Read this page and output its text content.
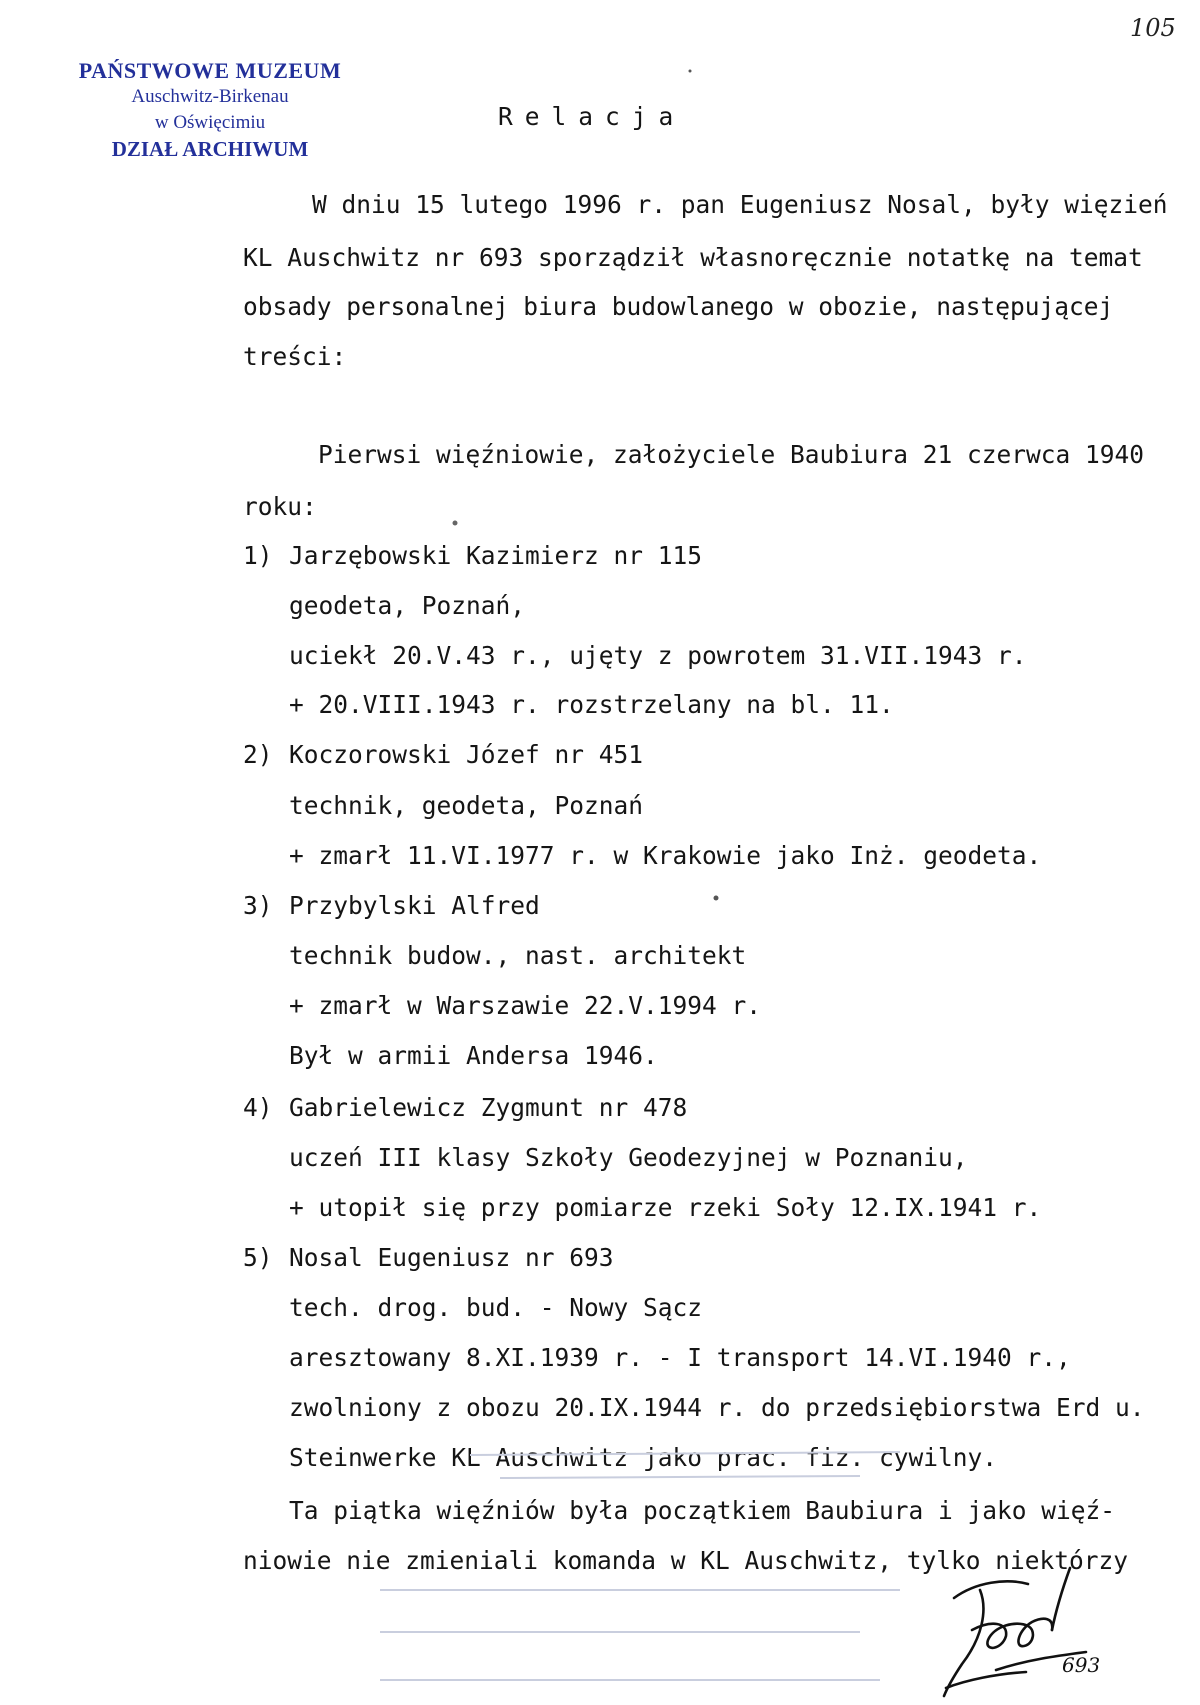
105
PAŃSTWOWE MUZEUM
Auschwitz-Birkenau
w Oświęcimiu
DZIAŁ ARCHIWUM
Relacja
W dniu 15 lutego 1996 r. pan Eugeniusz Nosal, były więzień
KL Auschwitz nr 693 sporządził własnoręcznie notatkę na temat
obsady personalnej biura budowlanego w obozie, następującej
treści:
Pierwsi więźniowie, założyciele Baubiura 21 czerwca 1940
roku:
1) Jarzębowski Kazimierz nr 115
geodeta, Poznań,
uciekł 20.V.43 r., ujęty z powrotem 31.VII.1943 r.
+ 20.VIII.1943 r. rozstrzelany na bl. 11.
2) Koczorowski Józef nr 451
technik, geodeta, Poznań
+ zmarł 11.VI.1977 r. w Krakowie jako Inż. geodeta.
3) Przybylski Alfred
technik budow., nast. architekt
+ zmarł w Warszawie 22.V.1994 r.
Był w armii Andersa 1946.
4) Gabrielewicz Zygmunt nr 478
uczeń III klasy Szkoły Geodezyjnej w Poznaniu,
+ utopił się przy pomiarze rzeki Soły 12.IX.1941 r.
5) Nosal Eugeniusz nr 693
tech. drog. bud. - Nowy Sącz
aresztowany 8.XI.1939 r. - I transport 14.VI.1940 r.,
zwolniony z obozu 20.IX.1944 r. do przedsiębiorstwa Erd u.
Steinwerke KL Auschwitz jako prac. fiz. cywilny.
Ta piątka więźniów była początkiem Baubiura i jako więź-
niowie nie zmieniali komanda w KL Auschwitz, tylko niektórzy
693
